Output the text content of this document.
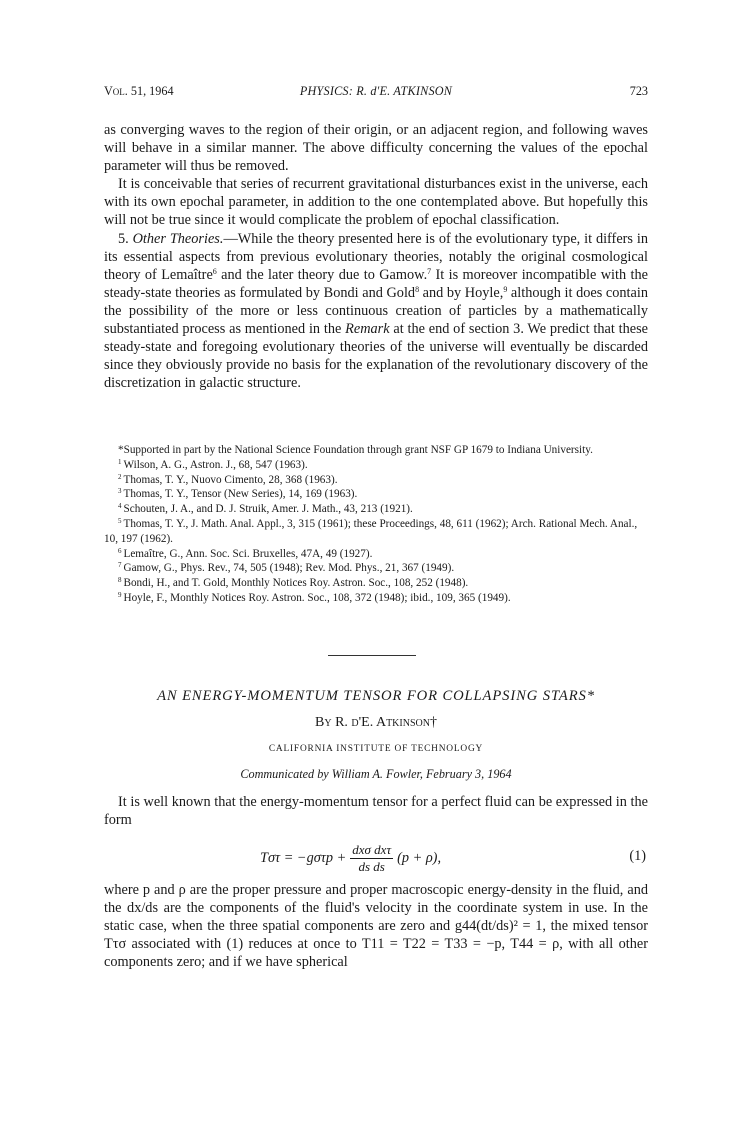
Vol. 51, 1964	PHYSICS: R. d'E. ATKINSON	723

as converging waves to the region of their origin, or an adjacent region, and following waves will behave in a similar manner. The above difficulty concerning the values of the epochal parameter will thus be removed.

It is conceivable that series of recurrent gravitational disturbances exist in the universe, each with its own epochal parameter, in addition to the one contemplated above. But hopefully this will not be true since it would complicate the problem of epochal classification.

5. Other Theories.—While the theory presented here is of the evolutionary type, it differs in its essential aspects from previous evolutionary theories, notably the original cosmological theory of Lemaître$^6$ and the later theory due to Gamow.$^7$ It is moreover incompatible with the steady-state theories as formulated by Bondi and Gold$^8$ and by Hoyle,$^9$ although it does contain the possibility of the more or less continuous creation of particles by a mathematically substantiated process as mentioned in the Remark at the end of section 3. We predict that these steady-state and foregoing evolutionary theories of the universe will eventually be discarded since they obviously provide no basis for the explanation of the revolutionary discovery of the discretization in galactic structure.

*Supported in part by the National Science Foundation through grant NSF GP 1679 to Indiana University.

$^1$ Wilson, A. G., Astron. J., 68, 547 (1963).

$^2$ Thomas, T. Y., Nuovo Cimento, 28, 368 (1963).

$^3$ Thomas, T. Y., Tensor (New Series), 14, 169 (1963).

$^4$ Schouten, J. A., and D. J. Struik, Amer. J. Math., 43, 213 (1921).

$^5$ Thomas, T. Y., J. Math. Anal. Appl., 3, 315 (1961); these Proceedings, 48, 611 (1962); Arch. Rational Mech. Anal., 10, 197 (1962).

$^6$ Lemaître, G., Ann. Soc. Sci. Bruxelles, 47A, 49 (1927).

$^7$ Gamow, G., Phys. Rev., 74, 505 (1948); Rev. Mod. Phys., 21, 367 (1949).

$^8$ Bondi, H., and T. Gold, Monthly Notices Roy. Astron. Soc., 108, 252 (1948).

$^9$ Hoyle, F., Monthly Notices Roy. Astron. Soc., 108, 372 (1948); ibid., 109, 365 (1949).

AN ENERGY-MOMENTUM TENSOR FOR COLLAPSING STARS*
By R. d'E. Atkinson†
CALIFORNIA INSTITUTE OF TECHNOLOGY
Communicated by William A. Fowler, February 3, 1964

It is well known that the energy-momentum tensor for a perfect fluid can be expressed in the form

$T\sigma\tau = -g\sigma\tau p + \frac{\text{dxσ dxτ}}{\text{ds ds}} (p + \rho)$,	(1)

where p and ρ are the proper pressure and proper macroscopic energy-density in the fluid, and the dx/ds are the components of the fluid's velocity in the coordinate system in use. In the static case, when the three spatial components are zero and g44(dt/ds)² = 1, the mixed tensor Tτσ associated with (1) reduces at once to T11 = T22 = T33 = −p, T44 = ρ, with all other components zero; and if we have spherical
